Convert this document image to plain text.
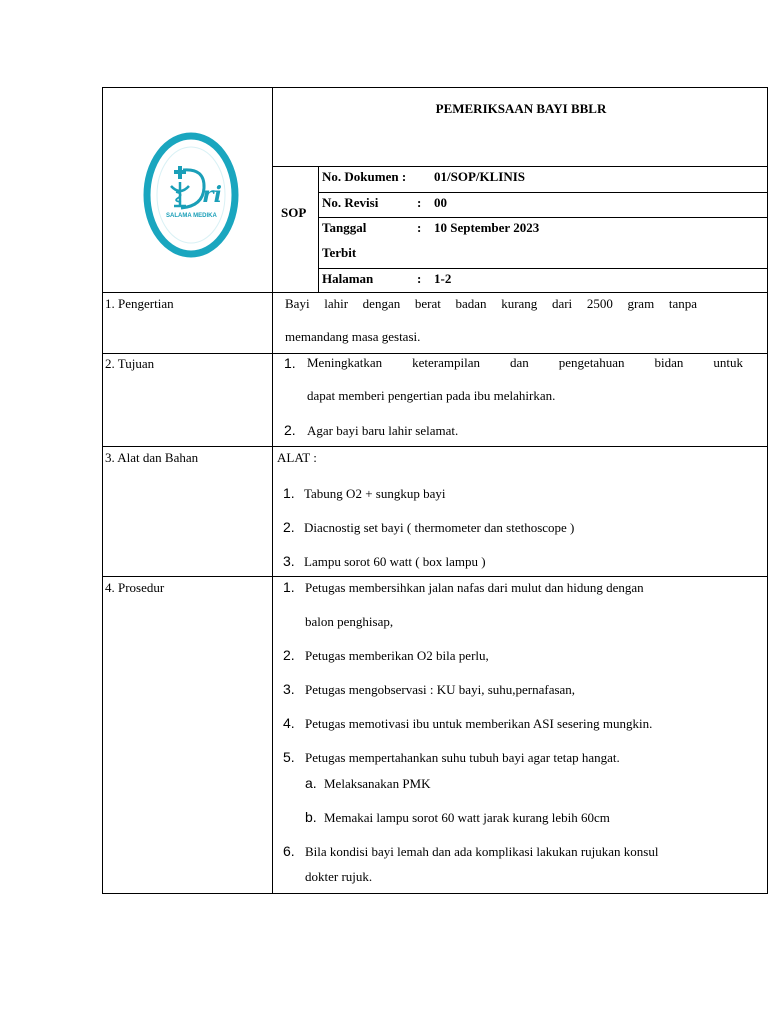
ri
SALAMA MEDIKA
PEMERIKSAAN BAYI BBLR
SOP
No. Dokumen : 01/SOP/KLINIS
No. Revisi	: 00
Tanggal	: 10 September 2023
Terbit
Halaman	: 1-2
1. Pengertian	Bayi lahir dengan berat badan kurang dari 2500 gram tanpa
memandang masa gestasi.
2. Tujuan	1. Meningkatkan keterampilan dan pengetahuan bidan untuk
dapat memberi pengertian pada ibu melahirkan.
2. Agar bayi baru lahir selamat.
3. Alat dan Bahan	ALAT :
1. Tabung O2 + sungkup bayi
2. Diacnostig set bayi ( thermometer dan stethoscope )
3. Lampu sorot 60 watt ( box lampu )
4. Prosedur	1. Petugas membersihkan jalan nafas dari mulut dan hidung dengan
balon penghisap,
2. Petugas memberikan O2 bila perlu,
3. Petugas mengobservasi : KU bayi, suhu,pernafasan,
4. Petugas memotivasi ibu untuk memberikan ASI sesering mungkin.
5. Petugas mempertahankan suhu tubuh bayi agar tetap hangat.
a. Melaksanakan PMK
b. Memakai lampu sorot 60 watt jarak kurang lebih 60cm
6. Bila kondisi bayi lemah dan ada komplikasi lakukan rujukan konsul
dokter rujuk.
